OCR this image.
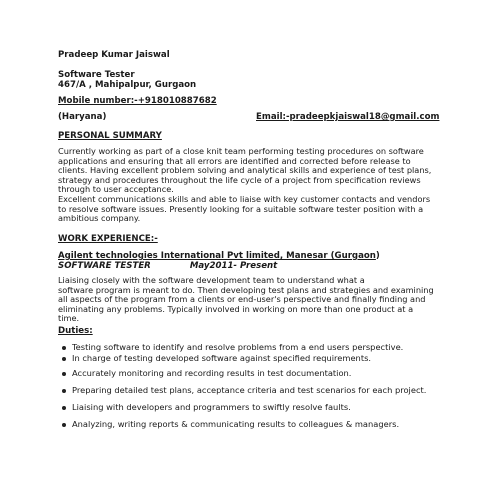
Pradeep Kumar Jaiswal
Software Tester
467/A , Mahipalpur, Gurgaon
Mobile number:-+918010887682
(Haryana)	Email:-pradeepkjaiswal18@gmail.com
PERSONAL SUMMARY
Currently working as part of a close knit team performing testing procedures on software
applications and ensuring that all errors are identified and corrected before release to
clients. Having excellent problem solving and analytical skills and experience of test plans,
strategy and procedures throughout the life cycle of a project from specification reviews
through to user acceptance.
Excellent communications skills and able to liaise with key customer contacts and vendors
to resolve software issues. Presently looking for a suitable software tester position with a
ambitious company.
WORK EXPERIENCE:-
Agilent technologies International Pvt limited, Manesar (Gurgaon)
SOFTWARE TESTER	May2011- Present
Liaising closely with the software development team to understand what a
software program is meant to do. Then developing test plans and strategies and examining
all aspects of the program from a clients or end-user's perspective and finally finding and
eliminating any problems. Typically involved in working on more than one product at a
time.
Duties:
Testing software to identify and resolve problems from a end users perspective.
In charge of testing developed software against specified requirements.
Accurately monitoring and recording results in test documentation.
Preparing detailed test plans, acceptance criteria and test scenarios for each project.
Liaising with developers and programmers to swiftly resolve faults.
Analyzing, writing reports & communicating results to colleagues & managers.
